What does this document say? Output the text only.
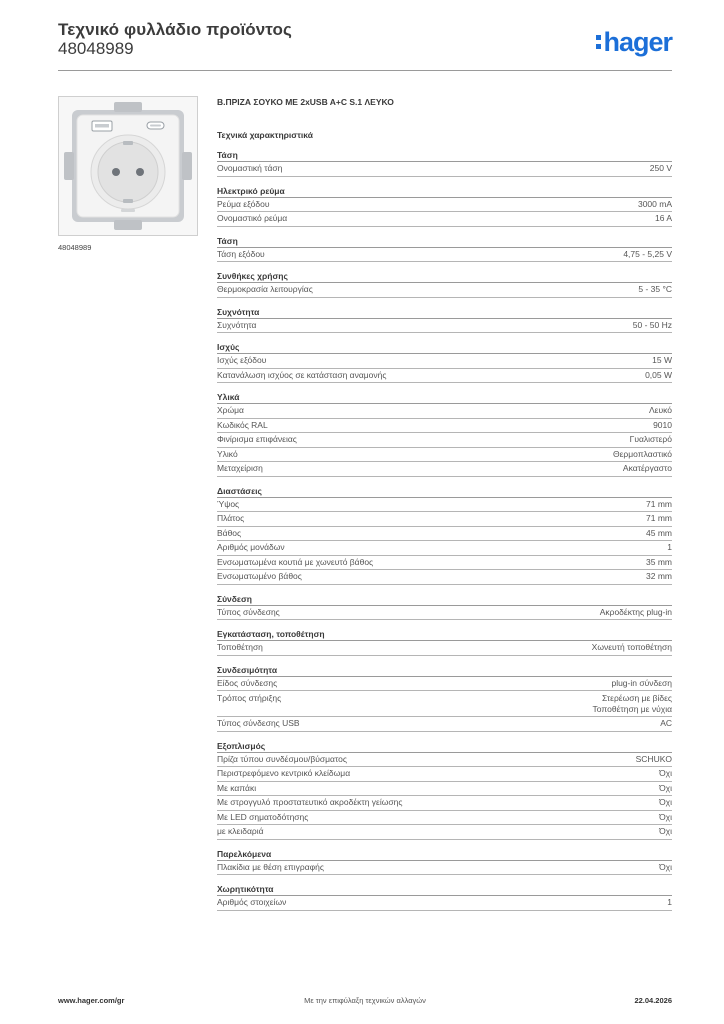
Τεχνικό φυλλάδιο προϊόντος
48048989	hager
48048989
Β.ΠΡΙΖΑ ΣΟΥΚΟ ΜΕ 2xUSB A+C S.1 ΛΕΥΚΟ
Τεχνικά χαρακτηριστικά
Τάση
Ονομαστική τάση	250 V
Ηλεκτρικό ρεύμα
Ρεύμα εξόδου	3000 mA
Ονομαστικό ρεύμα	16 A
Τάση
Τάση εξόδου	4,75 - 5,25 V
Συνθήκες χρήσης
Θερμοκρασία λειτουργίας	5 - 35 °C
Συχνότητα
Συχνότητα	50 - 50 Hz
Ισχύς
Ισχύς εξόδου	15 W
Κατανάλωση ισχύος σε κατάσταση αναμονής	0,05 W
Υλικά
Χρώμα	Λευκό
Κωδικός RAL	9010
Φινίρισμα επιφάνειας	Γυαλιστερό
Υλικό	Θερμοπλαστικό
Μεταχείριση	Ακατέργαστο
Διαστάσεις
Ύψος	71 mm
Πλάτος	71 mm
Βάθος	45 mm
Αριθμός μονάδων	1
Ενσωματωμένα κουτιά με χωνευτό βάθος	35 mm
Ενσωματωμένο βάθος	32 mm
Σύνδεση
Τύπος σύνδεσης	Ακροδέκτης plug-in
Εγκατάσταση, τοποθέτηση
Τοποθέτηση	Χωνευτή τοποθέτηση
Συνδεσιμότητα
Είδος σύνδεσης	plug-in σύνδεση
Τρόπος στήριξης	Στερέωση με βίδες
Τοποθέτηση με νύχια
Τύπος σύνδεσης USB	AC
Εξοπλισμός
Πρίζα τύπου συνδέσμου/βύσματος	SCHUKO
Περιστρεφόμενο κεντρικό κλείδωμα	Όχι
Με καπάκι	Όχι
Με στρογγυλό προστατευτικό ακροδέκτη γείωσης	Όχι
Με LED σηματοδότησης	Όχι
με κλειδαριά	Όχι
Παρελκόμενα
Πλακίδια με θέση επιγραφής	Όχι
Χωρητικότητα
Αριθμός στοιχείων	1
Με την επιφύλαξη τεχνικών αλλαγών
www.hager.com/gr	22.04.2026
